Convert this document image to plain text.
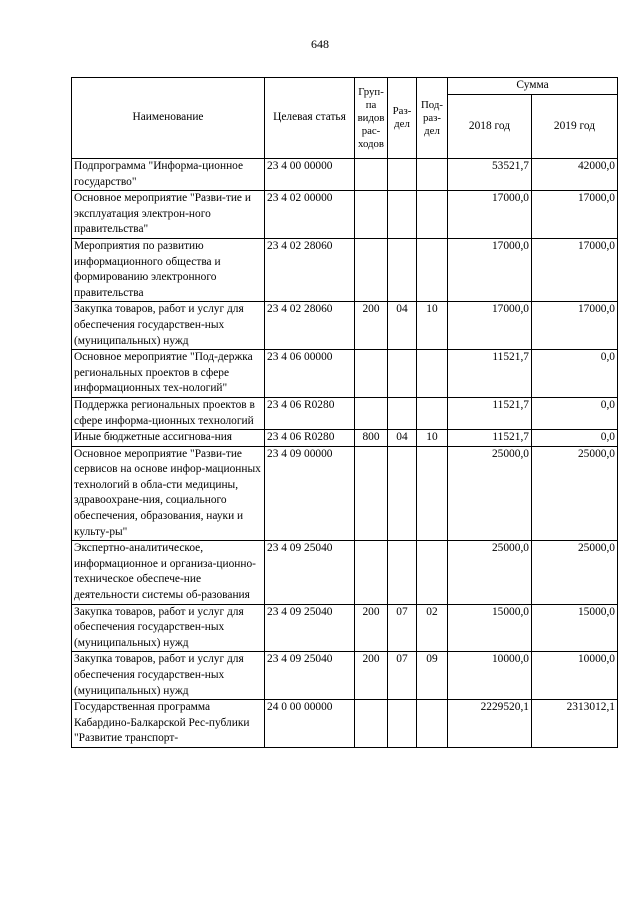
648
Наименование	Целевая статья	Груп-па видов рас-ходов	Раз-дел	Под-раз-дел	Сумма	
					2018 год	2019 год
Подпрограмма "Информа-ционное государство"	23 4 00 00000				53521,7	42000,0
Основное мероприятие "Разви-тие и эксплуатация электрон-ного правительства"	23 4 02 00000				17000,0	17000,0
Мероприятия по развитию информационного общества и формированию электронного правительства	23 4 02 28060				17000,0	17000,0
Закупка товаров, работ и услуг для обеспечения государствен-ных (муниципальных) нужд	23 4 02 28060	200	04	10	17000,0	17000,0
Основное мероприятие "Под-держка региональных проектов в сфере информационных тех-нологий"	23 4 06 00000				11521,7	0,0
Поддержка региональных проектов в сфере информа-ционных технологий	23 4 06 R0280				11521,7	0,0
Иные бюджетные ассигнова-ния	23 4 06 R0280	800	04	10	11521,7	0,0
Основное мероприятие "Разви-тие сервисов на основе инфор-мационных технологий в обла-сти медицины, здравоохране-ния, социального обеспечения, образования, науки и культу-ры"	23 4 09 00000				25000,0	25000,0
Экспертно-аналитическое, информационное и организа-ционно-техническое обеспече-ние деятельности системы об-разования	23 4 09 25040				25000,0	25000,0
Закупка товаров, работ и услуг для обеспечения государствен-ных (муниципальных) нужд	23 4 09 25040	200	07	02	15000,0	15000,0
Закупка товаров, работ и услуг для обеспечения государствен-ных (муниципальных) нужд	23 4 09 25040	200	07	09	10000,0	10000,0
Государственная программа Кабардино-Балкарской Рес-публики "Развитие транспорт-	24 0 00 00000				2229520,1	2313012,1
